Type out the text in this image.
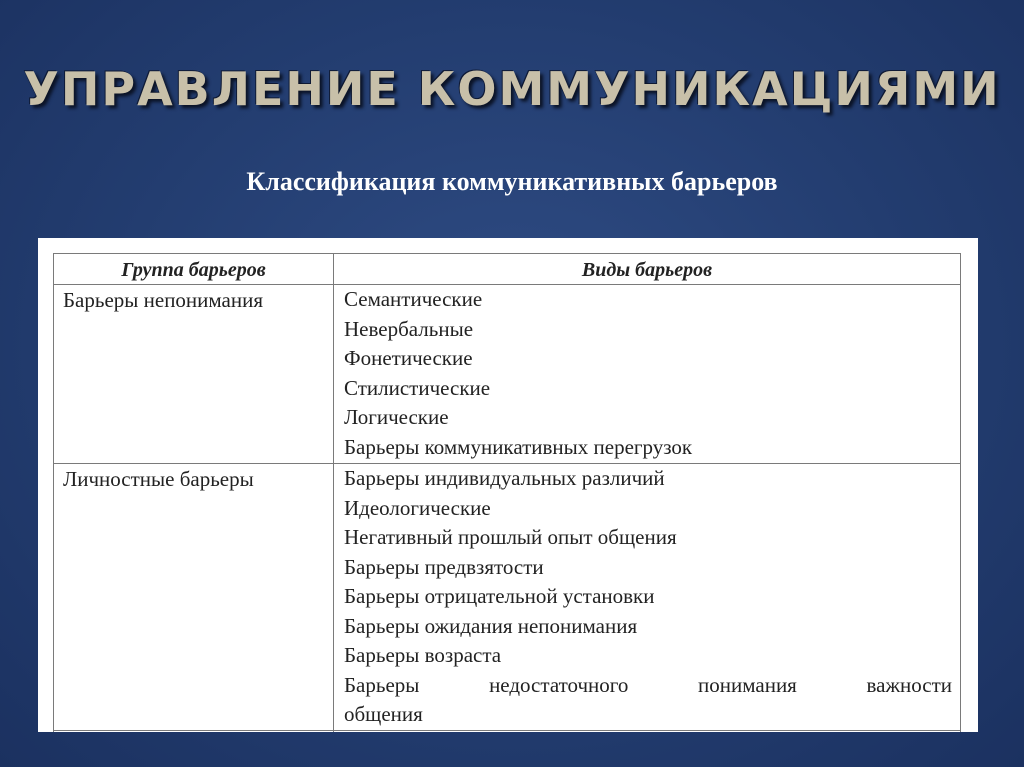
УПРАВЛЕНИЕ КОММУНИКАЦИЯМИ
Классификация коммуникативных барьеров
Группа барьеров	Виды барьеров
Барьеры непонимания	Семантические
Невербальные
Фонетические
Стилистические
Логические
Барьеры коммуникативных перегрузок
Личностные барьеры	Барьеры индивидуальных различий
Идеологические
Негативный прошлый опыт общения
Барьеры предвзятости
Барьеры отрицательной установки
Барьеры ожидания непонимания
Барьеры возраста
Барьеры недостаточного понимания важности
общения
